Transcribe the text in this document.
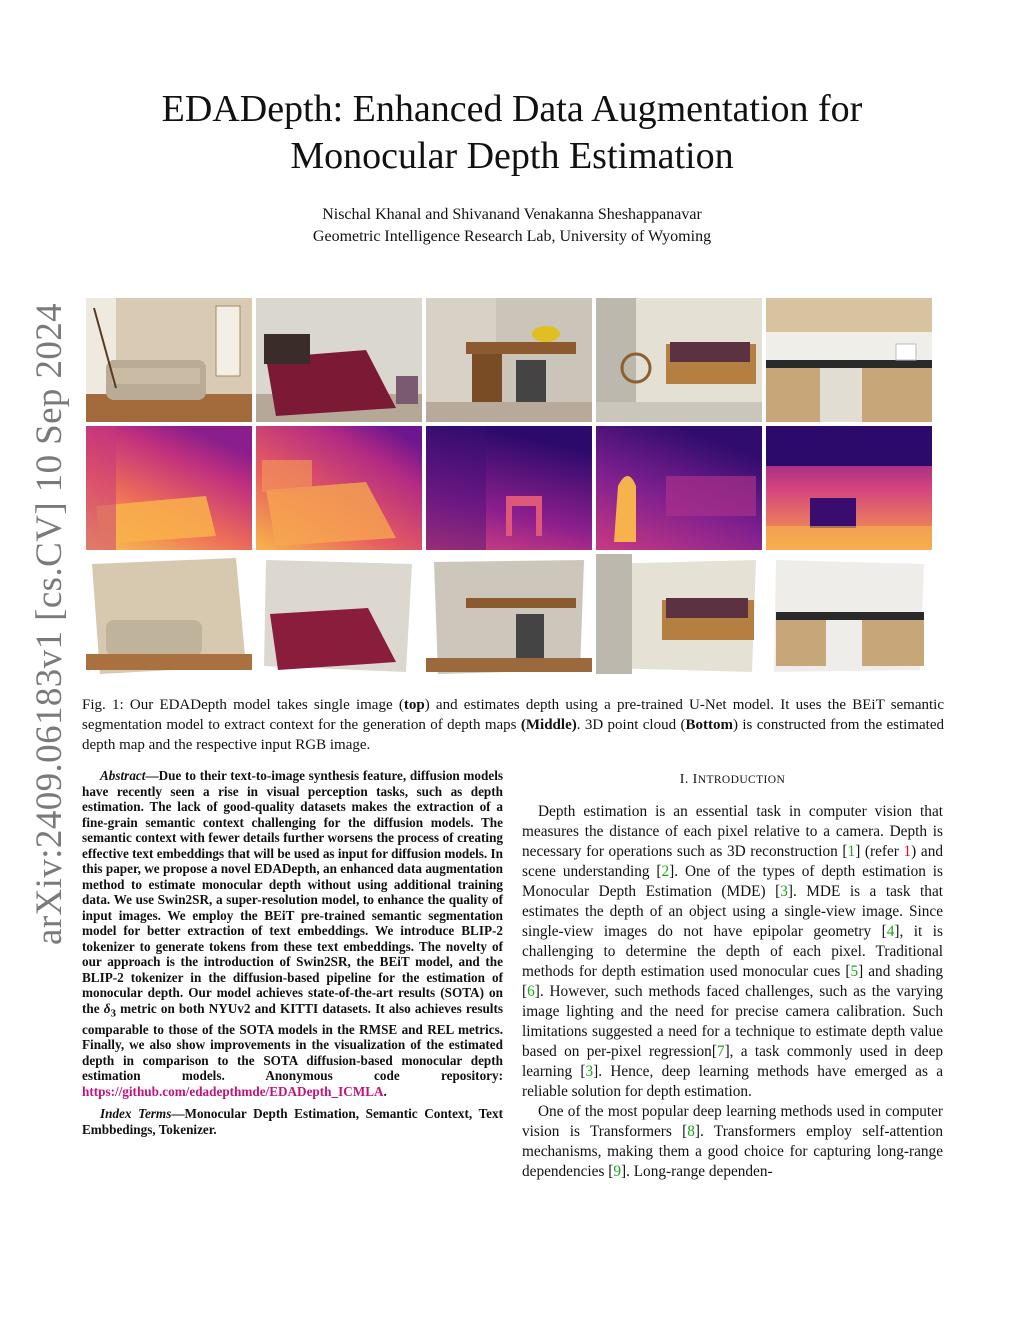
arXiv:2409.06183v1 [cs.CV] 10 Sep 2024
EDADepth: Enhanced Data Augmentation for
Monocular Depth Estimation
Nischal Khanal and Shivanand Venakanna Sheshappanavar
Geometric Intelligence Research Lab, University of Wyoming
Fig. 1: Our EDADepth model takes single image (top) and estimates depth using a pre-trained U-Net model. It uses the BEiT semantic segmentation model to extract context for the generation of depth maps (Middle). 3D point cloud (Bottom) is constructed from the estimated depth map and the respective input RGB image.

Abstract—Due to their text-to-image synthesis feature, diffusion models have recently seen a rise in visual perception tasks, such as depth estimation. The lack of good-quality datasets makes the extraction of a fine-grain semantic context challenging for the diffusion models. The semantic context with fewer details further worsens the process of creating effective text embeddings that will be used as input for diffusion models. In this paper, we propose a novel EDADepth, an enhanced data augmentation method to estimate monocular depth without using additional training data. We use Swin2SR, a super-resolution model, to enhance the quality of input images. We employ the BEiT pre-trained semantic segmentation model for better extraction of text embeddings. We introduce BLIP-2 tokenizer to generate tokens from these text embeddings. The novelty of our approach is the introduction of Swin2SR, the BEiT model, and the BLIP-2 tokenizer in the diffusion-based pipeline for the estimation of monocular depth. Our model achieves state-of-the-art results (SOTA) on the $\delta_3$ metric on both NYUv2 and KITTI datasets. It also achieves results comparable to those of the SOTA models in the RMSE and REL metrics. Finally, we also show improvements in the visualization of the estimated depth in comparison to the SOTA diffusion-based monocular depth estimation models. Anonymous code repository: https://github.com/edadepthmde/EDADepth_ICMLA.

Index Terms—Monocular Depth Estimation, Semantic Context, Text Embbedings, Tokenizer.

I. INTRODUCTION

Depth estimation is an essential task in computer vision that measures the distance of each pixel relative to a camera. Depth is necessary for operations such as 3D reconstruction [1] (refer 1) and scene understanding [2]. One of the types of depth estimation is Monocular Depth Estimation (MDE) [3]. MDE is a task that estimates the depth of an object using a single-view image. Since single-view images do not have epipolar geometry [4], it is challenging to determine the depth of each pixel. Traditional methods for depth estimation used monocular cues [5] and shading [6]. However, such methods faced challenges, such as the varying image lighting and the need for precise camera calibration. Such limitations suggested a need for a technique to estimate depth value based on per-pixel regression[7], a task commonly used in deep learning [3]. Hence, deep learning methods have emerged as a reliable solution for depth estimation.

One of the most popular deep learning methods used in computer vision is Transformers [8]. Transformers employ self-attention mechanisms, making them a good choice for capturing long-range dependencies [9]. Long-range dependen-
